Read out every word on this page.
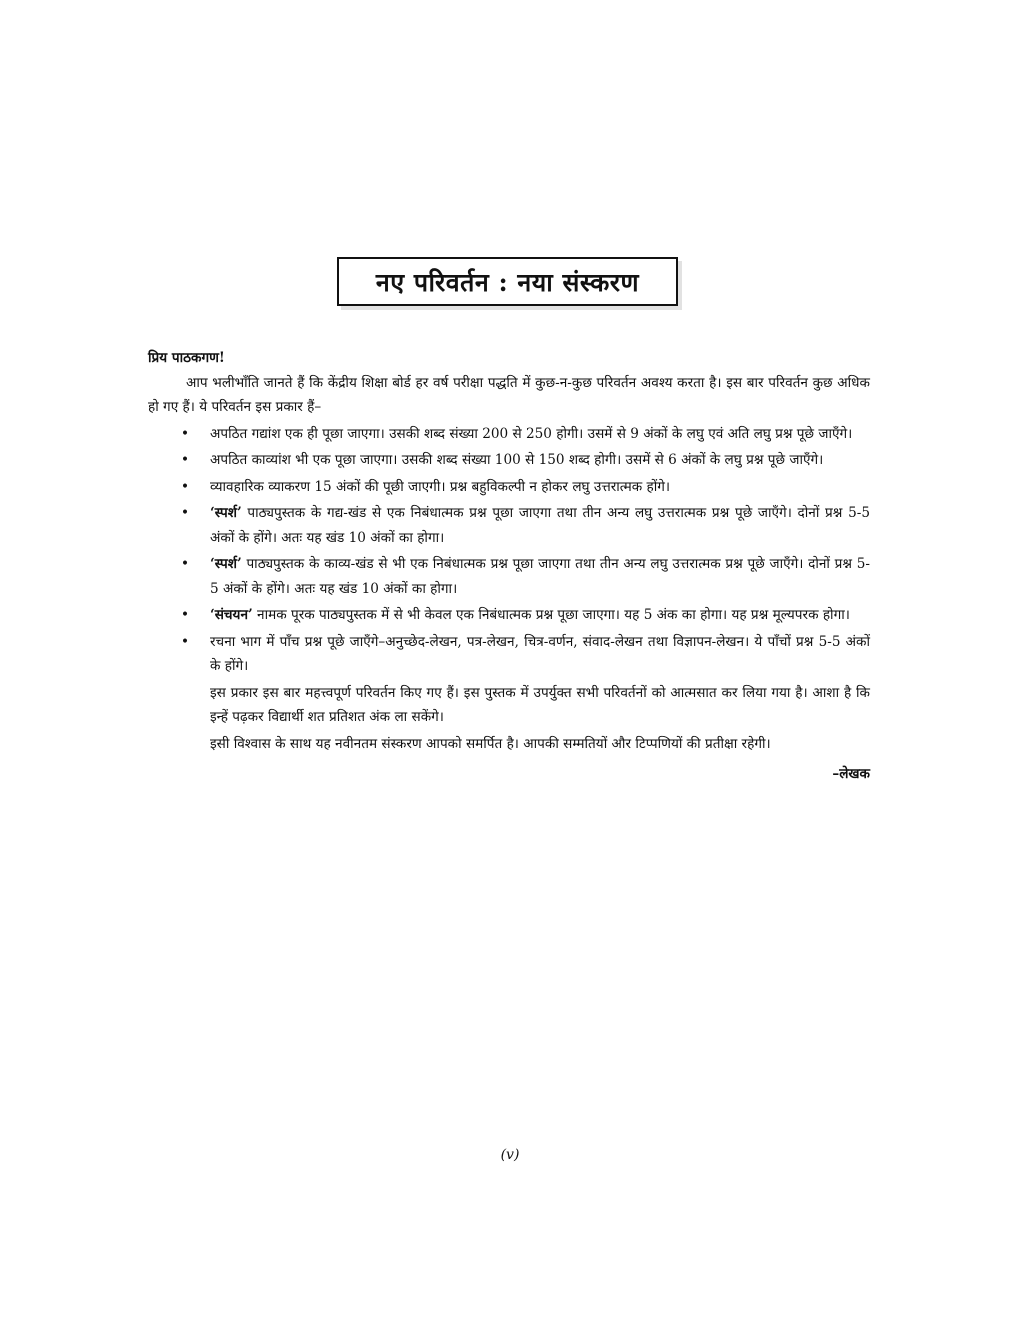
नए परिवर्तन : नया संस्करण

प्रिय पाठकगण!

आप भलीभाँति जानते हैं कि केंद्रीय शिक्षा बोर्ड हर वर्ष परीक्षा पद्धति में कुछ-न-कुछ परिवर्तन अवश्य करता है। इस बार परिवर्तन कुछ अधिक हो गए हैं। ये परिवर्तन इस प्रकार हैं–

• अपठित गद्यांश एक ही पूछा जाएगा। उसकी शब्द संख्या 200 से 250 होगी। उसमें से 9 अंकों के लघु एवं अति लघु प्रश्न पूछे जाएँगे।
• अपठित काव्यांश भी एक पूछा जाएगा। उसकी शब्द संख्या 100 से 150 शब्द होगी। उसमें से 6 अंकों के लघु प्रश्न पूछे जाएँगे।
• व्यावहारिक व्याकरण 15 अंकों की पूछी जाएगी। प्रश्न बहुविकल्पी न होकर लघु उत्तरात्मक होंगे।
• ‘स्पर्श’ पाठ्यपुस्तक के गद्य-खंड से एक निबंधात्मक प्रश्न पूछा जाएगा तथा तीन अन्य लघु उत्तरात्मक प्रश्न पूछे जाएँगे। दोनों प्रश्न 5-5 अंकों के होंगे। अतः यह खंड 10 अंकों का होगा।
• ‘स्पर्श’ पाठ्यपुस्तक के काव्य-खंड से भी एक निबंधात्मक प्रश्न पूछा जाएगा तथा तीन अन्य लघु उत्तरात्मक प्रश्न पूछे जाएँगे। दोनों प्रश्न 5-5 अंकों के होंगे। अतः यह खंड 10 अंकों का होगा।
• ‘संचयन’ नामक पूरक पाठ्यपुस्तक में से भी केवल एक निबंधात्मक प्रश्न पूछा जाएगा। यह 5 अंक का होगा। यह प्रश्न मूल्यपरक होगा।
• रचना भाग में पाँच प्रश्न पूछे जाएँगे–अनुच्छेद-लेखन, पत्र-लेखन, चित्र-वर्णन, संवाद-लेखन तथा विज्ञापन-लेखन। ये पाँचों प्रश्न 5-5 अंकों के होंगे।

इस प्रकार इस बार महत्त्वपूर्ण परिवर्तन किए गए हैं। इस पुस्तक में उपर्युक्त सभी परिवर्तनों को आत्मसात कर लिया गया है। आशा है कि इन्हें पढ़कर विद्यार्थी शत प्रतिशत अंक ला सकेंगे।

इसी विश्वास के साथ यह नवीनतम संस्करण आपको समर्पित है। आपकी सम्मतियों और टिप्पणियों की प्रतीक्षा रहेगी।

–लेखक

(v)
